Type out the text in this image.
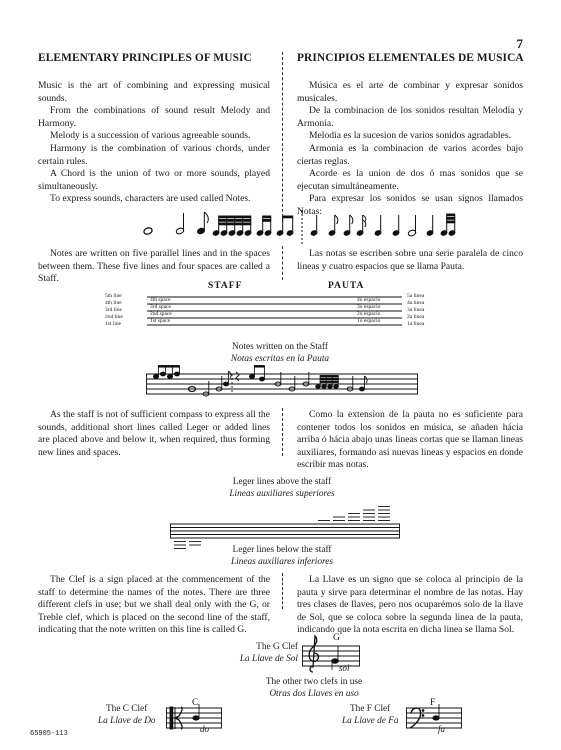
7
ELEMENTARY PRINCIPLES OF MUSIC	PRINCIPIOS ELEMENTALES DE MUSICA

Music is the art of combining and expressing musical sounds.

From the combinations of sound result Melody and Harmony.

Melody is a succession of various agreeable sounds.

Harmony is the combination of various chords, under certain rules.

A Chord is the union of two or more sounds, played simultaneously.

To express sounds, characters are used called Notes.

Música es el arte de combinar y expresar sonidos musicales.

De la combinacion de los sonidos resultan Melodía y Armonía.

Melodía es la sucesion de varios sonidos agradables.

Armonia es la combinacion de varios acordes bajo ciertas reglas.

Acorde es la union de dos ó mas sonidos que se ejecutan simultáneamente.

Para expresar los sonidos se usan signos llamados Notas:

Notes are written on five parallel lines and in the spaces between them. These five lines and four spaces are called a Staff.

Las notas se escriben sobre una serie paralela de cinco lineas y cuatro espacios que se llama Pauta.

STAFF	PAUTA
5th line
4th line
3rd line
2nd line
1st line
4th space
3rd space
2nd space
1st space
4o espacio
3o espacio
2o espacio
1o espacio
5a linea
4a linea
3a linea
2a linea
1a linea
Notes written on the Staff
Notas escritas en la Pauta

As the staff is not of sufficient compass to express all the sounds, additional short lines called Leger or added lines are placed above and below it, when required, thus forming new lines and spaces.

Como la extension de la pauta no es suficiente para contener todos los sonidos en música, se añaden hácia arriba ó hácia abajo unas lineas cortas que se llaman lineas auxiliares, formando asi nuevas lineas y espacios en donde escribir mas notas.

Leger lines above the staff
Lineas auxiliares superiores
Leger lines below the staff
Lineas auxiliares inferiores

The Clef is a sign placed at the commencement of the staff to determine the names of the notes. There are three different clefs in use; but we shall deal only with the G, or Treble clef, which is placed on the second line of the staff, indicating that the note written on this line is called G.

La Llave es un signo que se coloca al principio de la pauta y sirve para determinar el nombre de las notas. Hay tres clases de llaves, pero nos ocuparémos solo de la llave de Sol, que se coloca sobre la segunda linea de la pauta, indicando que la nota escrita en dicha linea se llama Sol.

The G Clef
La Llave de Sol
G
sol
The other two clefs in use
Otras dos Llaves en uso
The C Clef
La Llave de Do
C
do
The F Clef
La Llave de Fa
F
fa
65905-113
